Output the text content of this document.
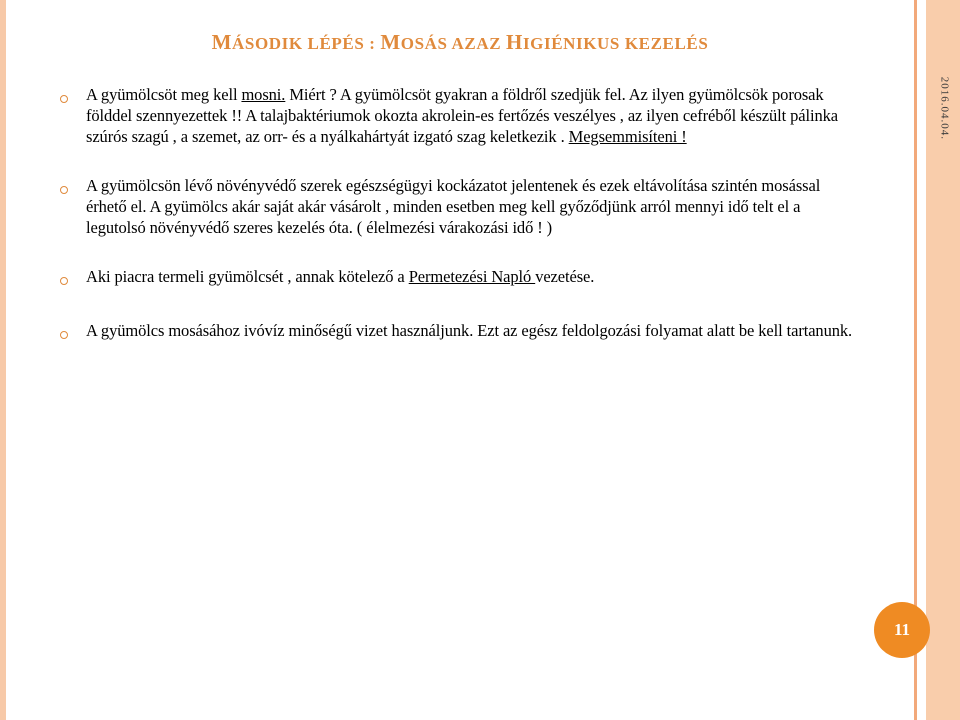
MÁSODIK LÉPÉS : MOSÁS AZAZ HIGIÉNIKUS KEZELÉS
A gyümölcsöt meg kell mosni. Miért ? A gyümölcsöt gyakran a földről szedjük fel. Az ilyen gyümölcsök porosak földdel szennyezettek !! A talajbaktériumok okozta akrolein-es fertőzés veszélyes , az ilyen cefréből készült pálinka szúrós szagú , a szemet, az orr- és a nyálkahártyát izgató szag keletkezik . Megsemmisíteni !
A gyümölcsön lévő növényvédő szerek egészségügyi kockázatot jelentenek és ezek eltávolítása szintén mosással érhető el. A gyümölcs akár saját akár vásárolt , minden esetben meg kell győződjünk arról mennyi idő telt el a legutolsó növényvédő szeres kezelés óta. ( élelmezési várakozási idő ! )
Aki piacra termeli gyümölcsét , annak kötelező a Permetezési Napló vezetése.
A gyümölcs mosásához ivóvíz minőségű vizet használjunk. Ezt az egész feldolgozási folyamat alatt be kell tartanunk.
2016.04.04.
11
